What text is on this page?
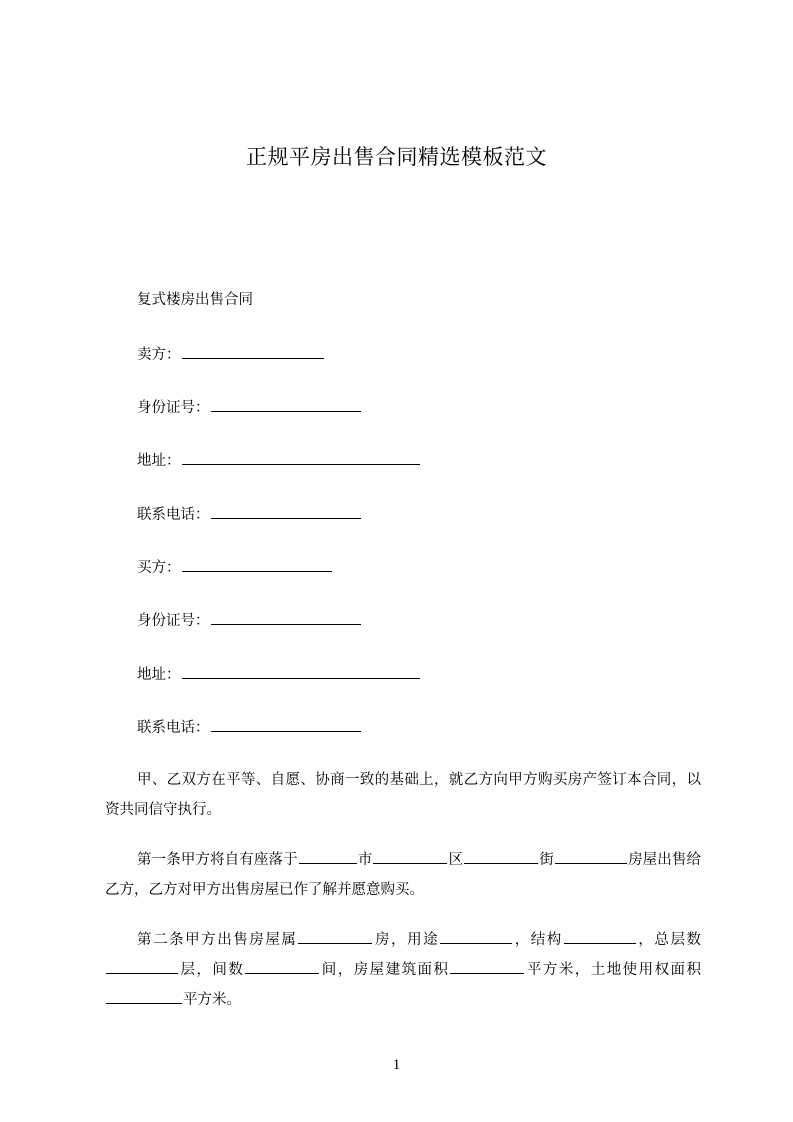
正规平房出售合同精选模板范文
复式楼房出售合同
卖方：
身份证号：
地址：
联系电话：
买方：
身份证号：
地址：
联系电话：
甲、乙双方在平等、自愿、协商一致的基础上，就乙方向甲方购买房产签订本合同，以资共同信守执行。
第一条甲方将自有座落于	市	区	街	房屋出售给乙方，乙方对甲方出售房屋已作了解并愿意购买。
第二条甲方出售房屋属	房，用途	，结构	，总层数层，间数	间，房屋建筑面积	平方米，土地使用权面积平方米。
1
